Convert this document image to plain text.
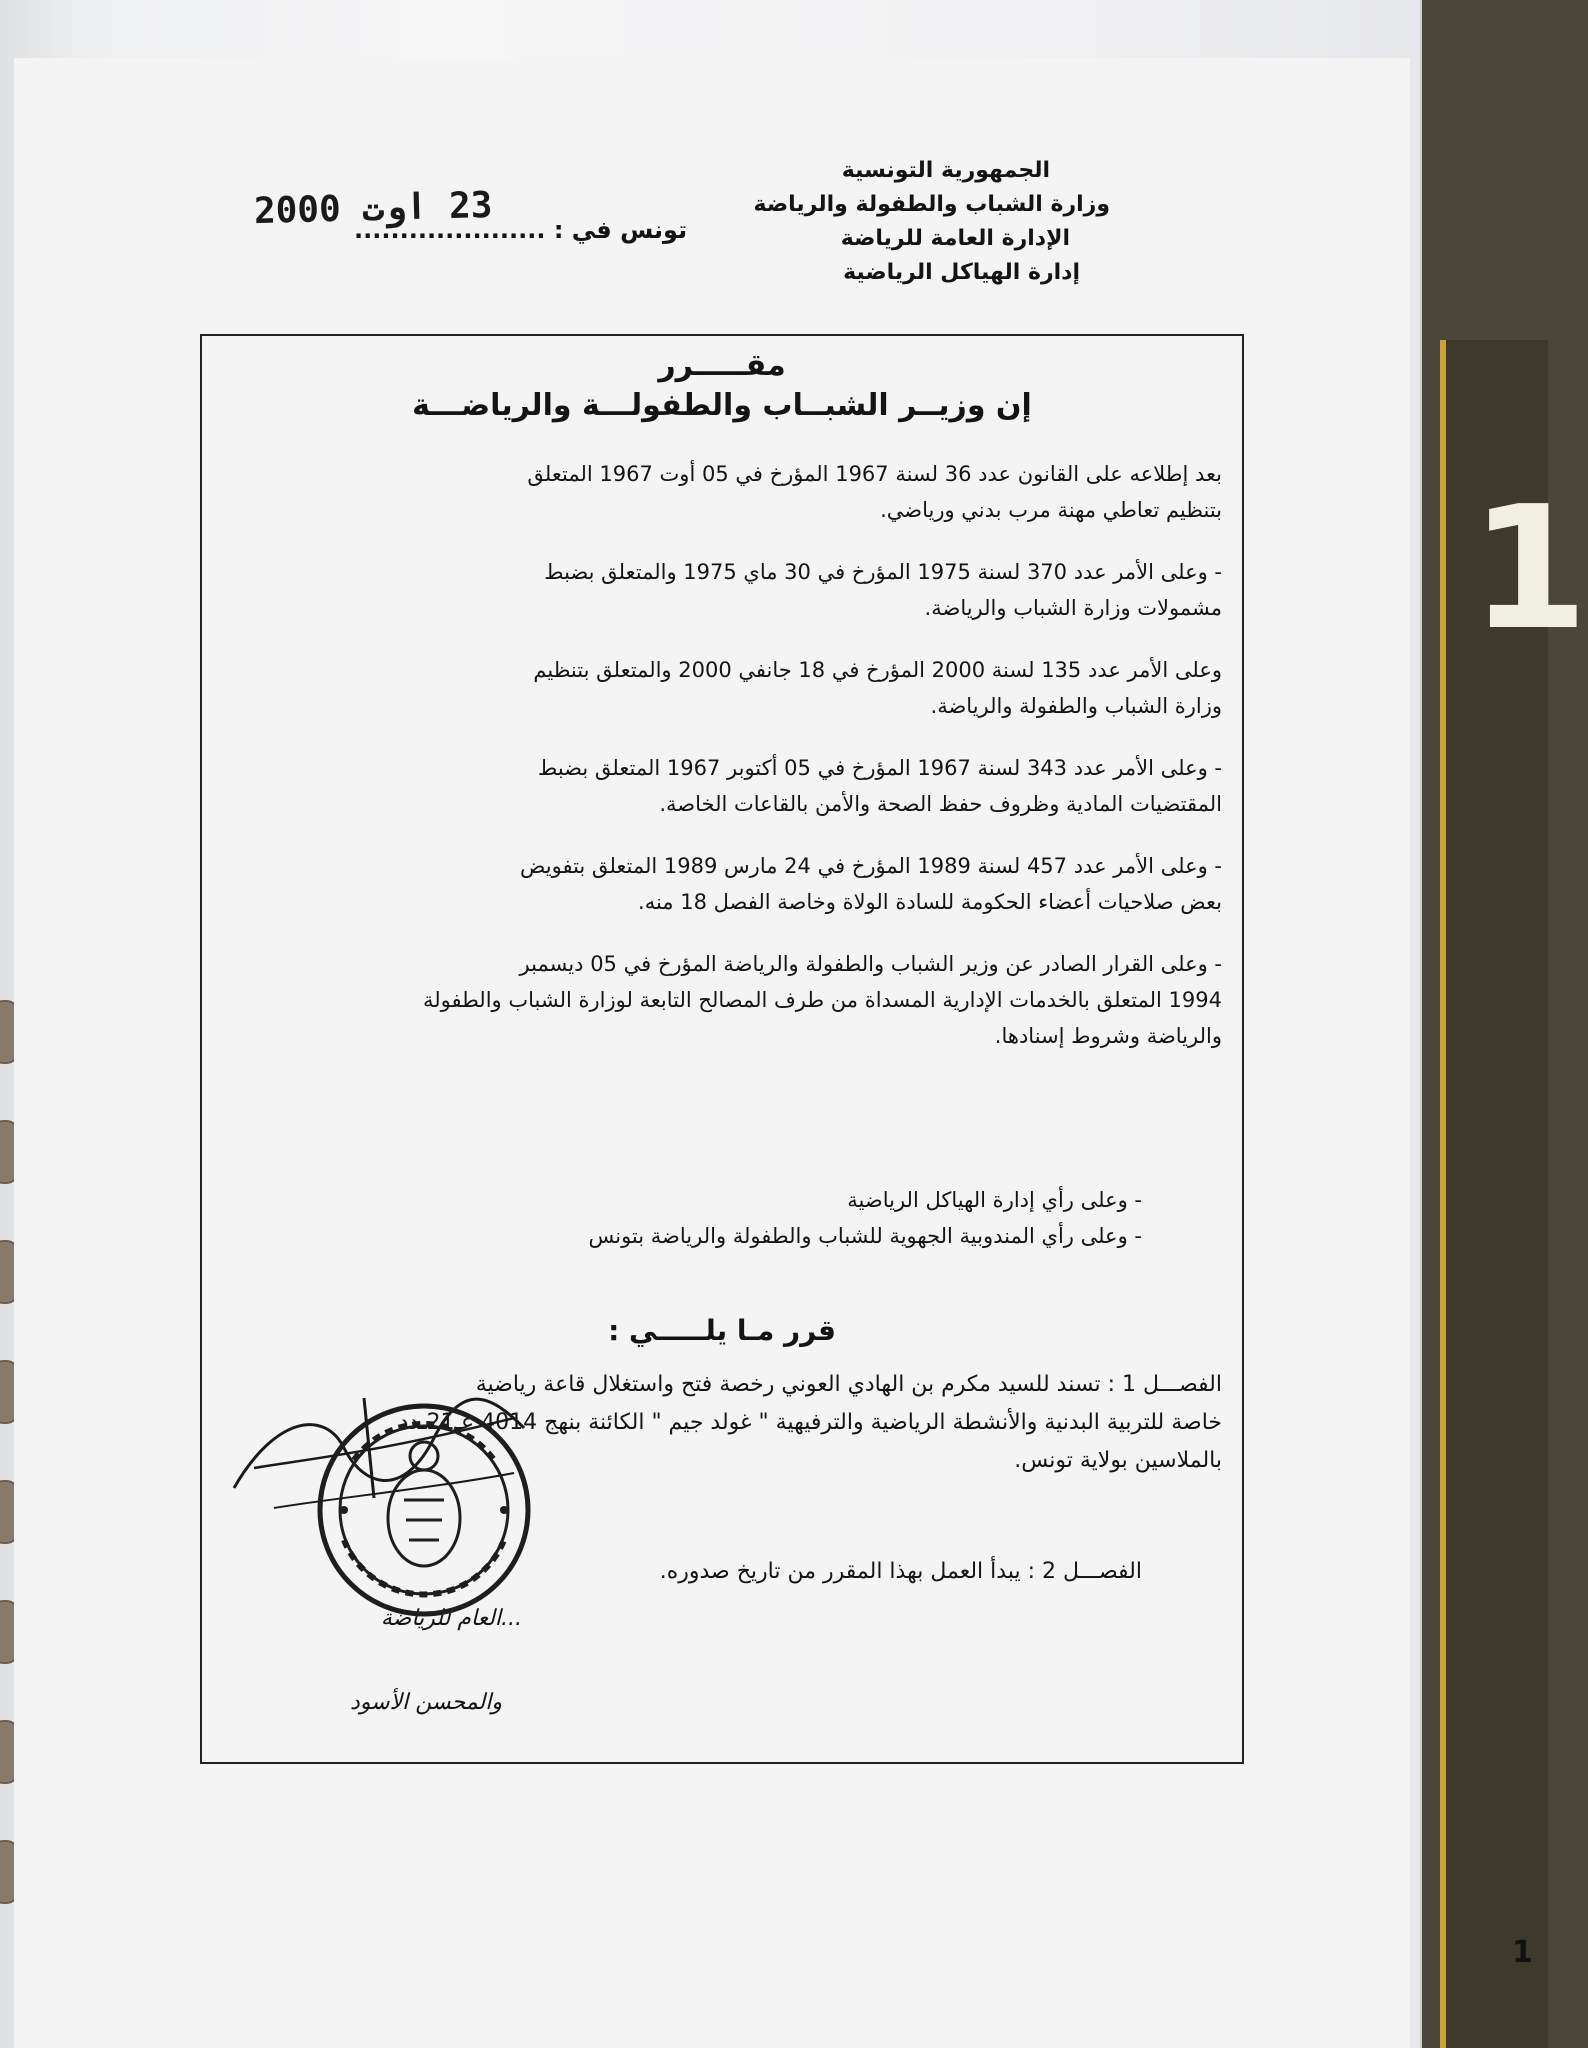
1
1
الجمهورية التونسية
وزارة الشباب والطفولة والرياضة
الإدارة العامة للرياضة
إدارة الهياكل الرياضية
تونس في : .....................
23 اوت 2000
مقـــــرر
إن وزيــر الشبــاب والطفولـــة والرياضـــة
بعد إطلاعه على القانون عدد 36 لسنة 1967 المؤرخ في 05 أوت 1967 المتعلق
بتنظيم تعاطي مهنة مرب بدني ورياضي.
- وعلى الأمر عدد 370 لسنة 1975 المؤرخ في 30 ماي 1975 والمتعلق بضبط
مشمولات وزارة الشباب والرياضة.
وعلى الأمر عدد 135 لسنة 2000 المؤرخ في 18 جانفي 2000 والمتعلق بتنظيم
وزارة الشباب والطفولة والرياضة.
- وعلى الأمر عدد 343 لسنة 1967 المؤرخ في 05 أكتوبر 1967 المتعلق بضبط
المقتضيات المادية وظروف حفظ الصحة والأمن بالقاعات الخاصة.
- وعلى الأمر عدد 457 لسنة 1989 المؤرخ في 24 مارس 1989 المتعلق بتفويض
بعض صلاحيات أعضاء الحكومة للسادة الولاة وخاصة الفصل 18 منه.
- وعلى القرار الصادر عن وزير الشباب والطفولة والرياضة المؤرخ في 05 ديسمبر
1994 المتعلق بالخدمات الإدارية المسداة من طرف المصالح التابعة لوزارة الشباب والطفولة
والرياضة وشروط إسنادها.
- وعلى رأي إدارة الهياكل الرياضية
- وعلى رأي المندوبية الجهوية للشباب والطفولة والرياضة بتونس
قرر مـا يلـــــي :
الفصـــل 1 : تسند للسيد مكرم بن الهادي العوني رخصة فتح واستغلال قاعة رياضية
خاصة للتربية البدنية والأنشطة الرياضية والترفيهية " غولد جيم " الكائنة بنهج 4014 عـ21ـدد
بالملاسين بولاية تونس.
الفصـــل 2 : يبدأ العمل بهذا المقرر من تاريخ صدوره.
...العام للرياضة
والمحسن الأسود
